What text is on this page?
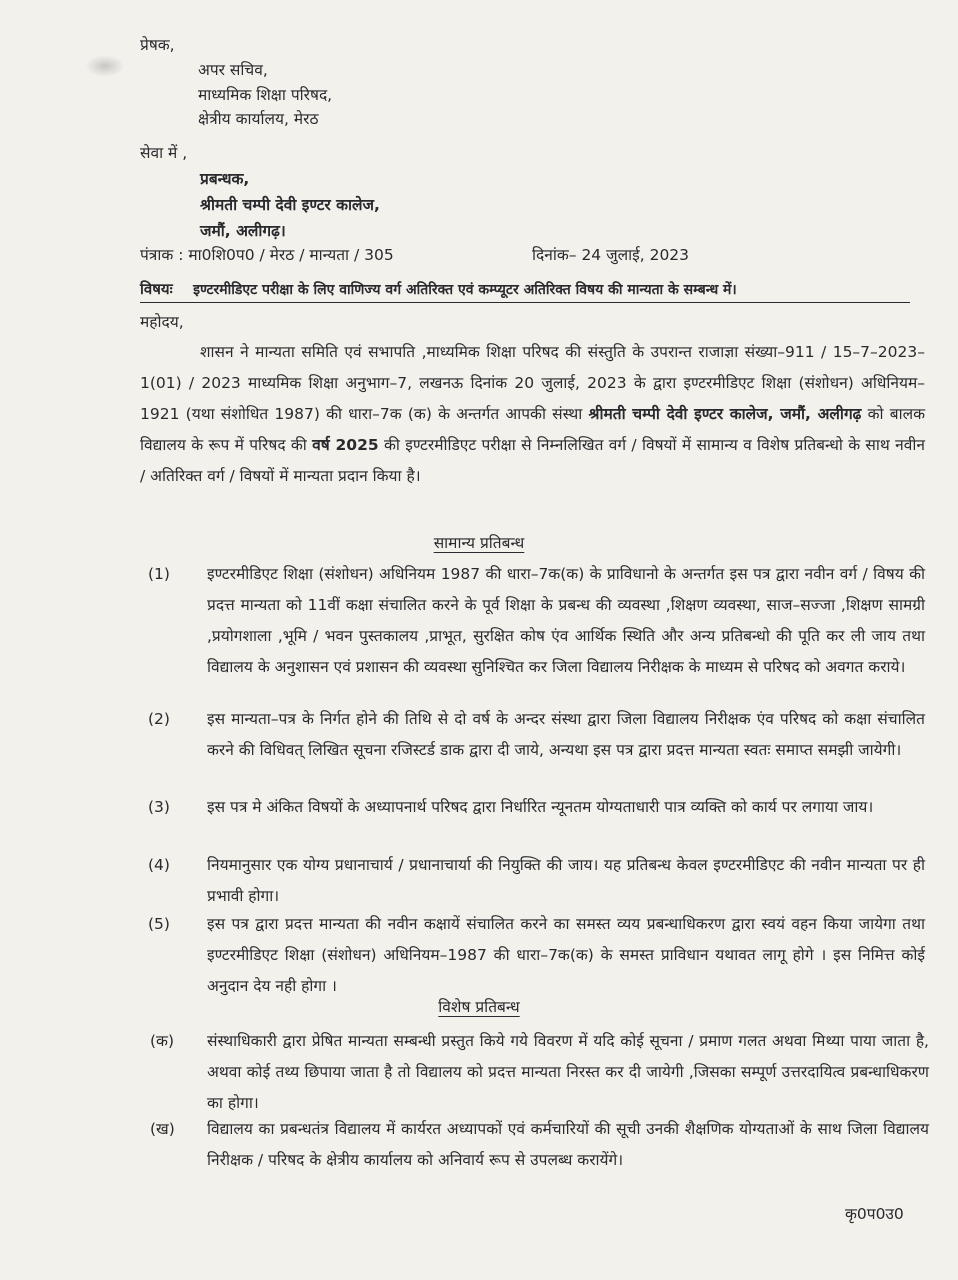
प्रेषक,
अपर सचिव,
माध्यमिक शिक्षा परिषद,
क्षेत्रीय कार्यालय, मेरठ
सेवा में ,
प्रबन्धक,
श्रीमती चम्पी देवी इण्टर कालेज,
जमौं, अलीगढ़।
पंत्राक : मा0शि0प0 / मेरठ / मान्यता / 305	दिनांक– 24 जुलाई, 2023
विषयः इण्टरमीडिएट परीक्षा के लिए वाणिज्य वर्ग अतिरिक्त एवं कम्प्यूटर अतिरिक्त विषय की मान्यता के सम्बन्ध में।
महोदय,
शासन ने मान्यता समिति एवं सभापति ,माध्यमिक शिक्षा परिषद की संस्तुति के उपरान्त राजाज्ञा संख्या–911 / 15–7–2023–1(01) / 2023 माध्यमिक शिक्षा अनुभाग–7, लखनऊ दिनांक 20 जुलाई, 2023 के द्वारा इण्टरमीडिएट शिक्षा (संशोधन) अधिनियम–1921 (यथा संशोधित 1987) की धारा–7क (क) के अन्तर्गत आपकी संस्था श्रीमती चम्पी देवी इण्टर कालेज, जमौं, अलीगढ़ को बालक विद्यालय के रूप में परिषद की वर्ष 2025 की इण्टरमीडिएट परीक्षा से निम्नलिखित वर्ग / विषयों में सामान्य व विशेष प्रतिबन्धो के साथ नवीन / अतिरिक्त वर्ग / विषयों में मान्यता प्रदान किया है।
सामान्य प्रतिबन्ध
(1) इण्टरमीडिएट शिक्षा (संशोधन) अधिनियम 1987 की धारा–7क(क) के प्राविधानो के अन्तर्गत इस पत्र द्वारा नवीन वर्ग / विषय की प्रदत्त मान्यता को 11वीं कक्षा संचालित करने के पूर्व शिक्षा के प्रबन्ध की व्यवस्था ,शिक्षण व्यवस्था, साज–सज्जा ,शिक्षण सामग्री ,प्रयोगशाला ,भूमि / भवन पुस्तकालय ,प्राभूत, सुरक्षित कोष एंव आर्थिक स्थिति और अन्य प्रतिबन्धो की पूति कर ली जाय तथा विद्यालय के अनुशासन एवं प्रशासन की व्यवस्था सुनिश्चित कर जिला विद्यालय निरीक्षक के माध्यम से परिषद को अवगत कराये।
(2) इस मान्यता–पत्र के निर्गत होने की तिथि से दो वर्ष के अन्दर संस्था द्वारा जिला विद्यालय निरीक्षक एंव परिषद को कक्षा संचालित करने की विधिवत् लिखित सूचना रजिस्टर्ड डाक द्वारा दी जाये, अन्यथा इस पत्र द्वारा प्रदत्त मान्यता स्वतः समाप्त समझी जायेगी।
(3) इस पत्र मे अंकित विषयों के अध्यापनार्थ परिषद द्वारा निर्धारित न्यूनतम योग्यताधारी पात्र व्यक्ति को कार्य पर लगाया जाय।
(4) नियमानुसार एक योग्य प्रधानाचार्य / प्रधानाचार्या की नियुक्ति की जाय। यह प्रतिबन्ध केवल इण्टरमीडिएट की नवीन मान्यता पर ही प्रभावी होगा।
(5) इस पत्र द्वारा प्रदत्त मान्यता की नवीन कक्षायें संचालित करने का समस्त व्यय प्रबन्धाधिकरण द्वारा स्वयं वहन किया जायेगा तथा इण्टरमीडिएट शिक्षा (संशोधन) अधिनियम–1987 की धारा–7क(क) के समस्त प्राविधान यथावत लागू होगे । इस निमित्त कोई अनुदान देय नही होगा ।
विशेष प्रतिबन्ध
(क) संस्थाधिकारी द्वारा प्रेषित मान्यता सम्बन्धी प्रस्तुत किये गये विवरण में यदि कोई सूचना / प्रमाण गलत अथवा मिथ्या पाया जाता है, अथवा कोई तथ्य छिपाया जाता है तो विद्यालय को प्रदत्त मान्यता निरस्त कर दी जायेगी ,जिसका सम्पूर्ण उत्तरदायित्व प्रबन्धाधिकरण का होगा।
(ख) विद्यालय का प्रबन्धतंत्र विद्यालय में कार्यरत अध्यापकों एवं कर्मचारियों की सूची उनकी शैक्षणिक योग्यताओं के साथ जिला विद्यालय निरीक्षक / परिषद के क्षेत्रीय कार्यालय को अनिवार्य रूप से उपलब्ध करायेंगे।
कृ0प0उ0
